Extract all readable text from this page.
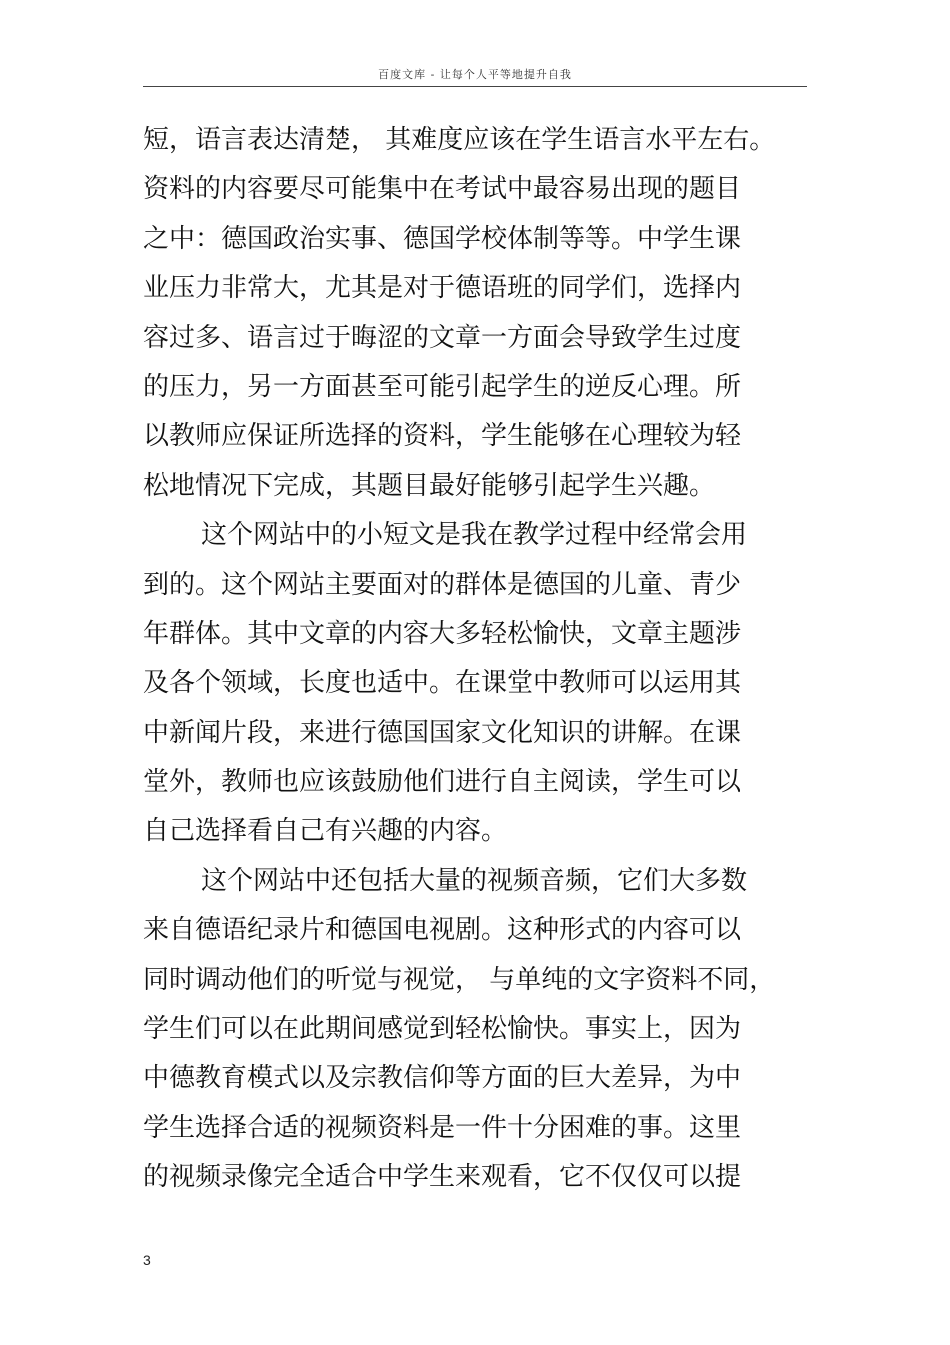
百度文库 - 让每个人平等地提升自我
短，语言表达清楚， 其难度应该在学生语言水平左右。
资料的内容要尽可能集中在考试中最容易出现的题目
之中：德国政治实事、德国学校体制等等。中学生课
业压力非常大，尤其是对于德语班的同学们，选择内
容过多、语言过于晦涩的文章一方面会导致学生过度
的压力，另一方面甚至可能引起学生的逆反心理。所
以教师应保证所选择的资料，学生能够在心理较为轻
松地情况下完成，其题目最好能够引起学生兴趣。
这个网站中的小短文是我在教学过程中经常会用
到的。这个网站主要面对的群体是德国的儿童、青少
年群体。其中文章的内容大多轻松愉快，文章主题涉
及各个领域，长度也适中。在课堂中教师可以运用其
中新闻片段，来进行德国国家文化知识的讲解。在课
堂外，教师也应该鼓励他们进行自主阅读，学生可以
自己选择看自己有兴趣的内容。
这个网站中还包括大量的视频音频，它们大多数
来自德语纪录片和德国电视剧。这种形式的内容可以
同时调动他们的听觉与视觉， 与单纯的文字资料不同，
学生们可以在此期间感觉到轻松愉快。事实上，因为
中德教育模式以及宗教信仰等方面的巨大差异，为中
学生选择合适的视频资料是一件十分困难的事。这里
的视频录像完全适合中学生来观看，它不仅仅可以提
3
